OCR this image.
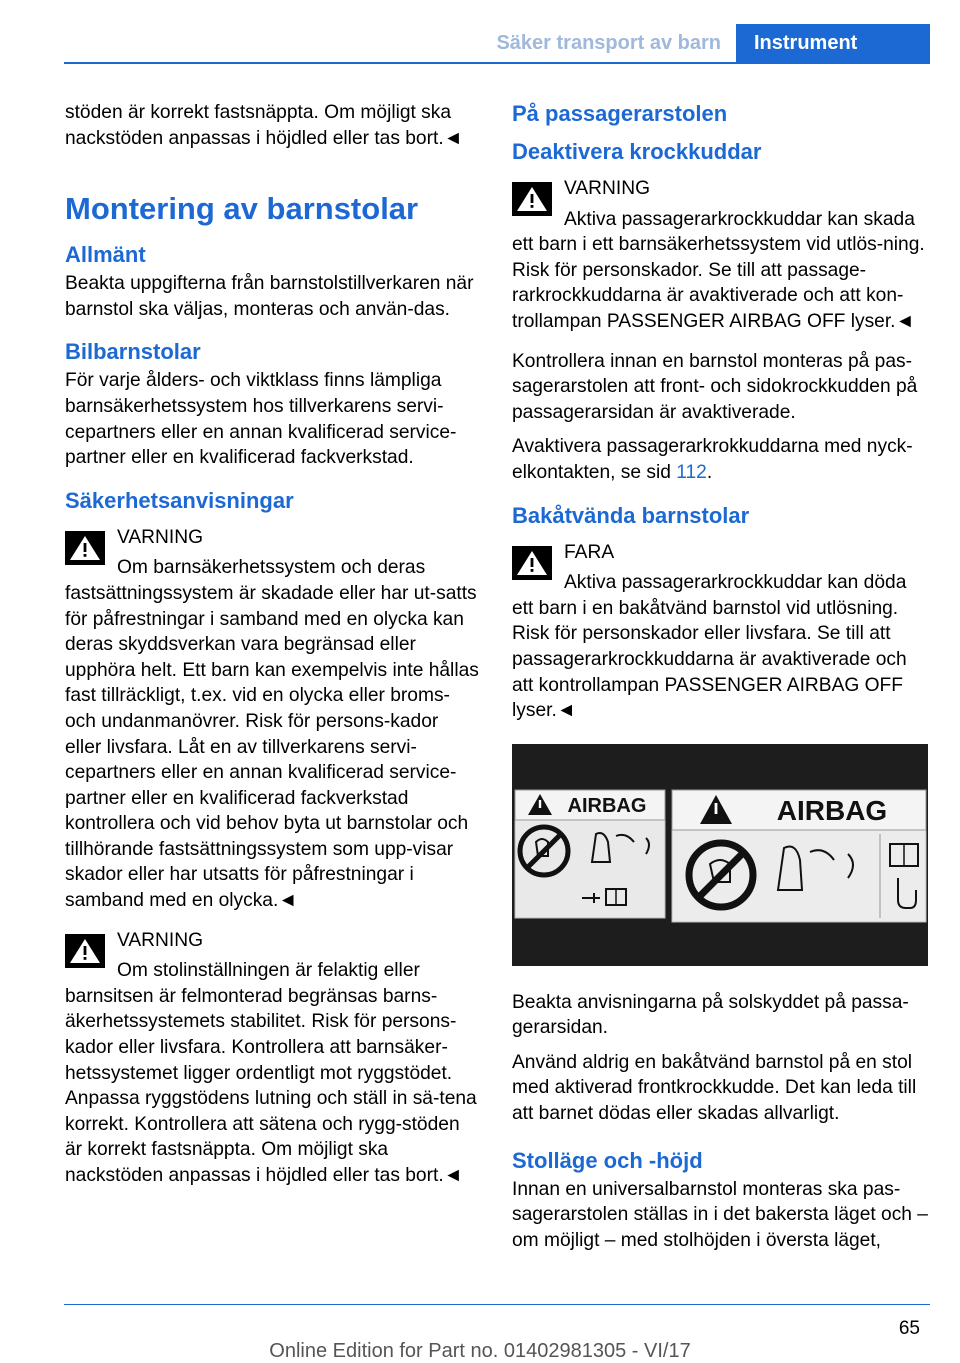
Säker transport av barn	Instrument

stöden är korrekt fastsnäppta. Om möjligt ska nackstöden anpassas i höjdled eller tas bort.◄

Montering av barnstolar
Allmänt

Beakta uppgifterna från barnstolstillverkaren när barnstol ska väljas, monteras och använ‐das.

Bilbarnstolar

För varje ålders- och viktklass finns lämpliga barnsäkerhetssystem hos tillverkarens servi‐cepartners eller en annan kvalificerad service‐partner eller en kvalificerad fackverkstad.

Säkerhetsanvisningar
VARNING
Om barnsäkerhetssystem och deras fastsättningssystem är skadade eller har ut‐satts för påfrestningar i samband med en olycka kan deras skyddsverkan vara begränsad eller upphöra helt. Ett barn kan exempelvis inte hållas fast tillräckligt, t.ex. vid en olycka eller broms- och undanmanövrer. Risk för persons‐kador eller livsfara. Låt en av tillverkarens servi‐cepartners eller en annan kvalificerad service‐partner eller en kvalificerad fackverkstad kontrollera och vid behov byta ut barnstolar och tillhörande fastsättningssystem som upp‐visar skador eller har utsatts för påfrestningar i samband med en olycka.◄
VARNING
Om stolinställningen är felaktig eller barnsitsen är felmonterad begränsas barns‐äkerhetssystemets stabilitet. Risk för persons‐kador eller livsfara. Kontrollera att barnsäker‐hetssystemet ligger ordentligt mot ryggstödet. Anpassa ryggstödens lutning och ställ in sä‐tena korrekt. Kontrollera att sätena och rygg‐stöden är korrekt fastsnäppta. Om möjligt ska nackstöden anpassas i höjdled eller tas bort.◄
På passagerarstolen
Deaktivera krockkuddar
VARNING
Aktiva passagerarkrockkuddar kan skada ett barn i ett barnsäkerhetssystem vid utlös‐ning. Risk för personskador. Se till att passage‐rarkrockkuddarna är avaktiverade och att kon‐trollampan PASSENGER AIRBAG OFF lyser.◄

Kontrollera innan en barnstol monteras på pas‐sagerarstolen att front- och sidokrockkudden på passagerarsidan är avaktiverade.

Avaktivera passagerarkrokkuddarna med nyck‐elkontakten, se sid 112.

Bakåtvända barnstolar
FARA
Aktiva passagerarkrockkuddar kan döda ett barn i en bakåtvänd barnstol vid utlösning. Risk för personskador eller livsfara. Se till att passagerarkrockkuddarna är avaktiverade och att kontrollampan PASSENGER AIRBAG OFF lyser.◄
AIRBAG	AIRBAG

Beakta anvisningarna på solskyddet på passa‐gerarsidan.

Använd aldrig en bakåtvänd barnstol på en stol med aktiverad frontkrockkudde. Det kan leda till att barnet dödas eller skadas allvarligt.

Stolläge och -höjd

Innan en universalbarnstol monteras ska pas‐sagerarstolen ställas in i det bakersta läget och – om möjligt – med stolhöjden i översta läget,

65
Online Edition for Part no. 01402981305 - VI/17
